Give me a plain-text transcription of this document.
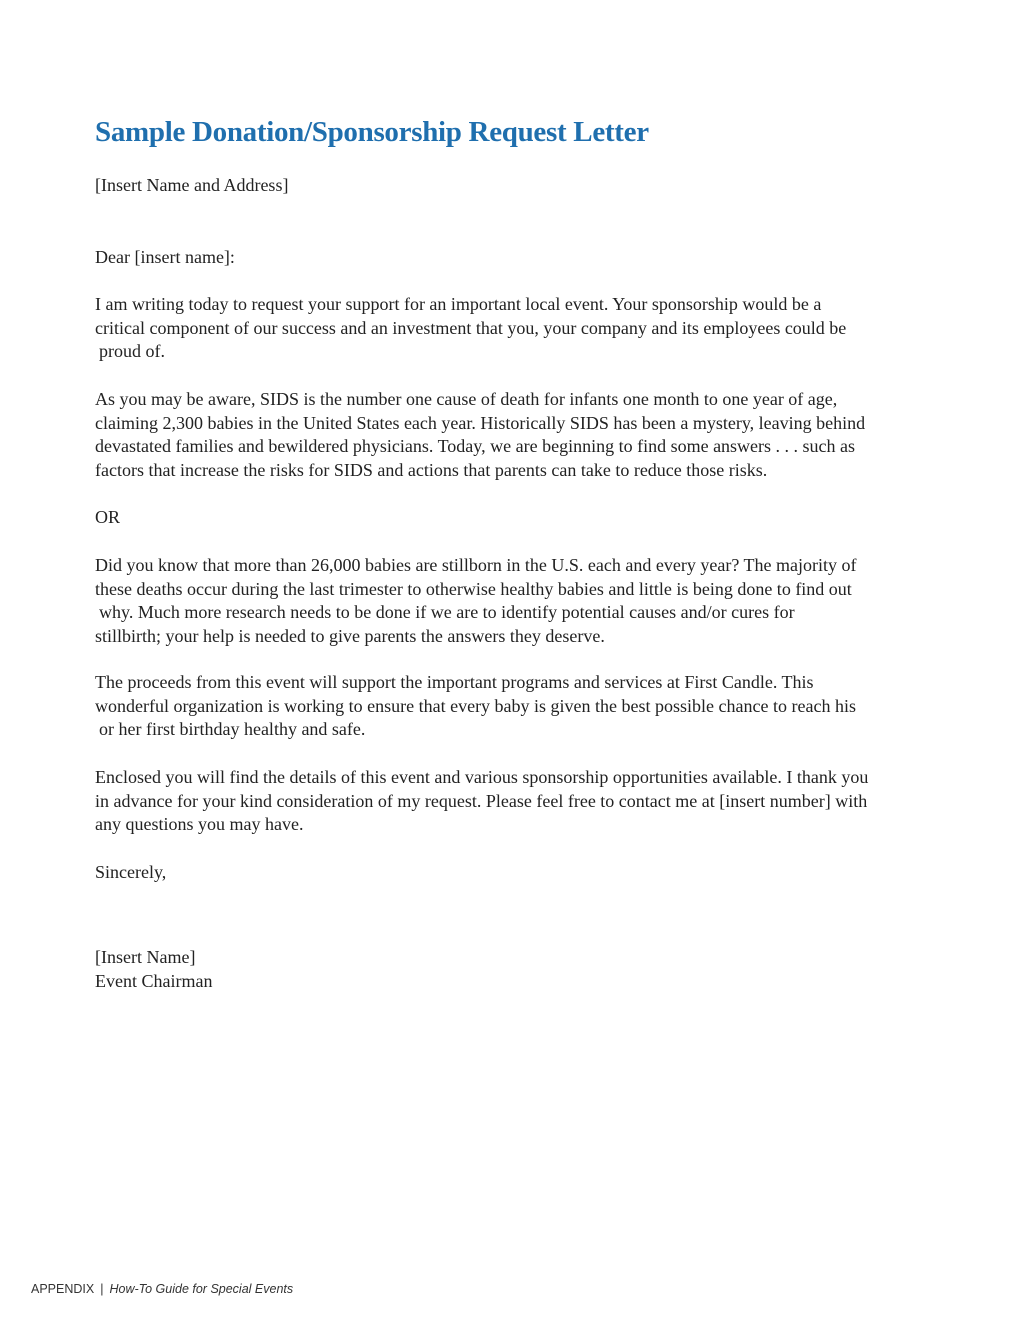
Sample Donation/Sponsorship Request Letter
[Insert Name and Address]
Dear [insert name]:
I am writing today to request your support for an important local event. Your sponsorship would be a
critical component of our success and an investment that you, your company and its employees could be
proud of.
As you may be aware, SIDS is the number one cause of death for infants one month to one year of age,
claiming 2,300 babies in the United States each year. Historically SIDS has been a mystery, leaving behind
devastated families and bewildered physicians. Today, we are beginning to find some answers . . . such as
factors that increase the risks for SIDS and actions that parents can take to reduce those risks.
OR
Did you know that more than 26,000 babies are stillborn in the U.S. each and every year? The majority of
these deaths occur during the last trimester to otherwise healthy babies and little is being done to find out
why. Much more research needs to be done if we are to identify potential causes and/or cures for
stillbirth; your help is needed to give parents the answers they deserve.
The proceeds from this event will support the important programs and services at First Candle. This
wonderful organization is working to ensure that every baby is given the best possible chance to reach his
or her first birthday healthy and safe.
Enclosed you will find the details of this event and various sponsorship opportunities available. I thank you
in advance for your kind consideration of my request. Please feel free to contact me at [insert number] with
any questions you may have.
Sincerely,
[Insert Name]
Event Chairman
APPENDIX | How-To Guide for Special Events
